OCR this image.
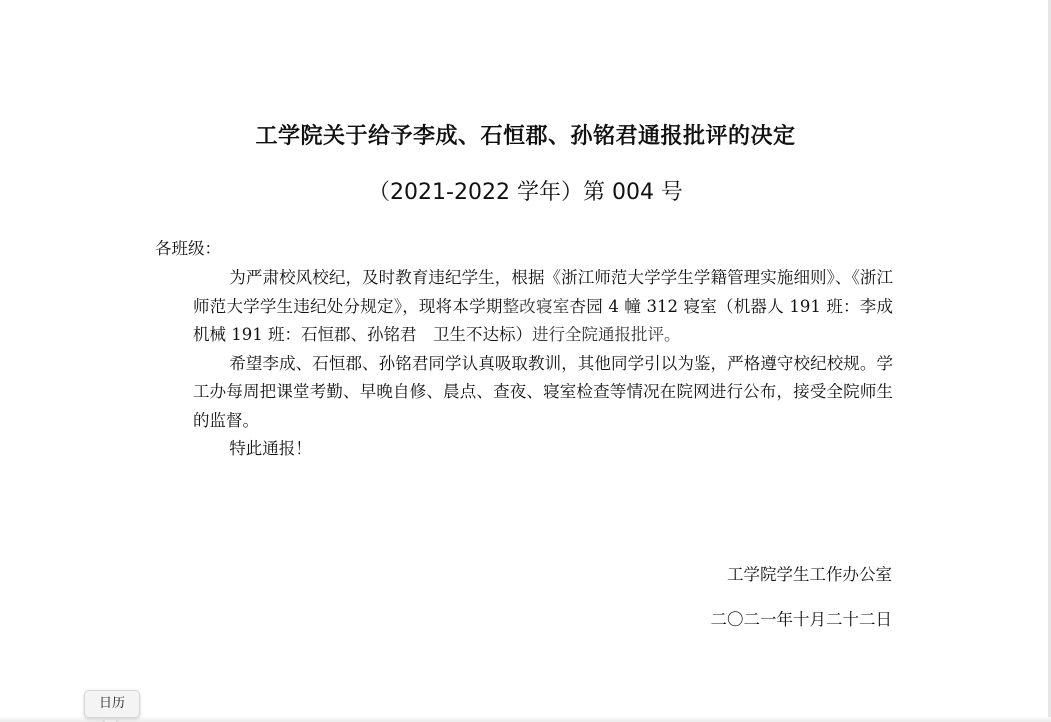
工学院关于给予李成、石恒郡、孙铭君通报批评的决定
（2021-2022 学年）第 004 号
各班级：

为严肃校风校纪，及时教育违纪学生，根据《浙江师范大学学生学籍管理实施细则》、《浙江师范大学学生违纪处分规定》，现将本学期整改寝室杏园 4 幢 312 寝室（机器人 191 班：李成　机械 191 班：石恒郡、孙铭君　卫生不达标）进行全院通报批评。

希望李成、石恒郡、孙铭君同学认真吸取教训，其他同学引以为鉴，严格遵守校纪校规。学工办每周把课堂考勤、早晚自修、晨点、查夜、寝室检查等情况在院网进行公布，接受全院师生的监督。

特此通报！

工学院学生工作办公室
二〇二一年十月二十二日
日历
